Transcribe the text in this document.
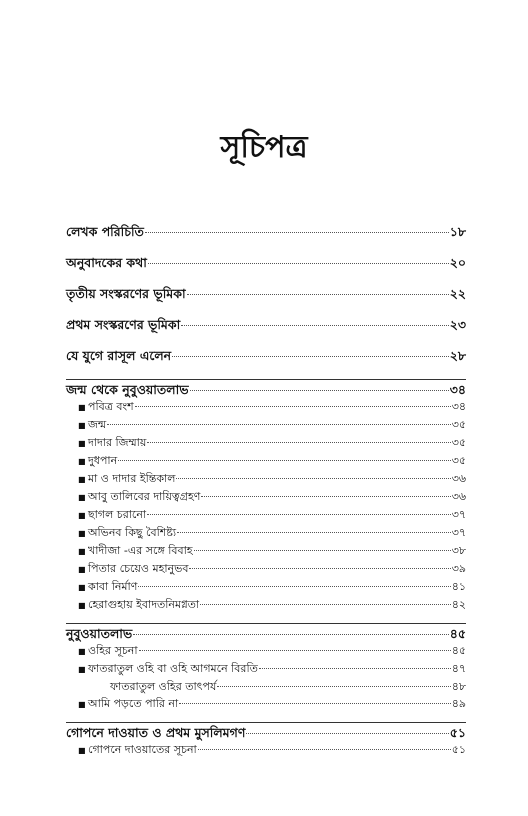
সূচিপত্র
লেখক পরিচিতি	১৮
অনুবাদকের কথা	২০
তৃতীয় সংস্করণের ভূমিকা	২২
প্রথম সংস্করণের ভূমিকা	২৩
যে যুগে রাসূল এলেন	২৮
জন্ম থেকে নুবুওয়াতলাভ	৩৪
■ পবিত্র বংশ	৩৪
■ জন্ম	৩৫
■ দাদার জিম্মায়	৩৫
■ দুধপান	৩৫
■ মা ও দাদার ইন্তিকাল	৩৬
■ আবু তালিবের দায়িত্বগ্রহণ	৩৬
■ ছাগল চরানো	৩৭
■ অভিনব কিছু বৈশিষ্ট্য	৩৭
■ খাদীজা -এর সঙ্গে বিবাহ	৩৮
■ পিতার চেয়েও মহানুভব	৩৯
■ কাবা নির্মাণ	৪১
■ হেরাগুহায় ইবাদতনিমগ্নতা	৪২
নুবুওয়াতলাভ	৪৫
■ ওহির সূচনা	৪৫
■ ফাতরাতুল ওহি বা ওহি আগমনে বিরতি	৪৭
ফাতরাতুল ওহির তাৎপর্য	৪৮
■ আমি পড়তে পারি না	৪৯
গোপনে দাওয়াত ও প্রথম মুসলিমগণ	৫১
■ গোপনে দাওয়াতের সূচনা	৫১
